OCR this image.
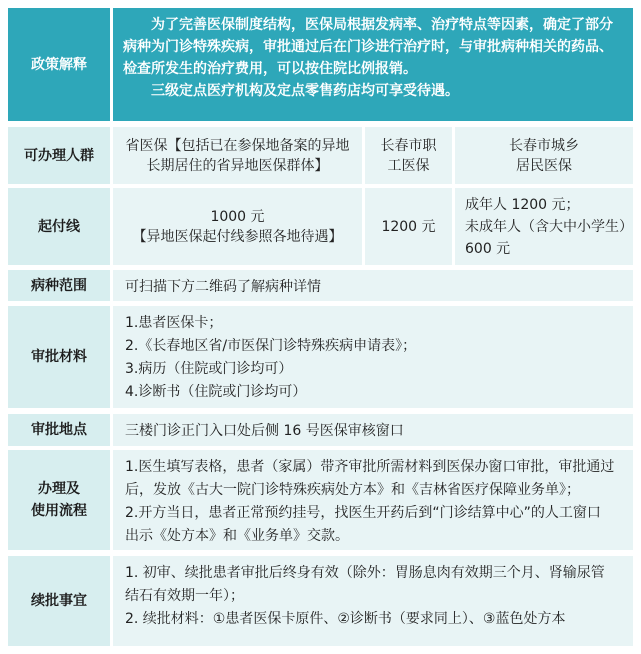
政策解释

为了完善医保制度结构，医保局根据发病率、治疗特点等因素，确定了部分病种为门诊特殊疾病，审批通过后在门诊进行治疗时，与审批病种相关的药品、检查所发生的治疗费用，可以按住院比例报销。

三级定点医疗机构及定点零售药店均可享受待遇。

可办理人群
省医保【包括已在参保地备案的异地长期居住的省异地医保群体】
长春市职工医保
长春市城乡居民医保
起付线
1000 元
【异地医保起付线参照各地待遇】
1200 元
成年人 1200 元；
未成年人（含大中小学生）
600 元
病种范围	可扫描下方二维码了解病种详情
审批材料
1.患者医保卡；
2.《长春地区省/市医保门诊特殊疾病申请表》；
3.病历（住院或门诊均可）
4.诊断书（住院或门诊均可）
审批地点	三楼门诊正门入口处后侧 16 号医保审核窗口
办理及
使用流程
1.医生填写表格，患者（家属）带齐审批所需材料到医保办窗口审批，审批通过
后，发放《古大一院门诊特殊疾病处方本》和《吉林省医疗保障业务单》；
2.开方当日，患者正常预约挂号，找医生开药后到“门诊结算中心”的人工窗口
出示《处方本》和《业务单》交款。
续批事宜
1. 初审、续批患者审批后终身有效（除外：胃肠息肉有效期三个月、肾输尿管
结石有效期一年）；
2. 续批材料：①患者医保卡原件、②诊断书（要求同上）、③蓝色处方本
